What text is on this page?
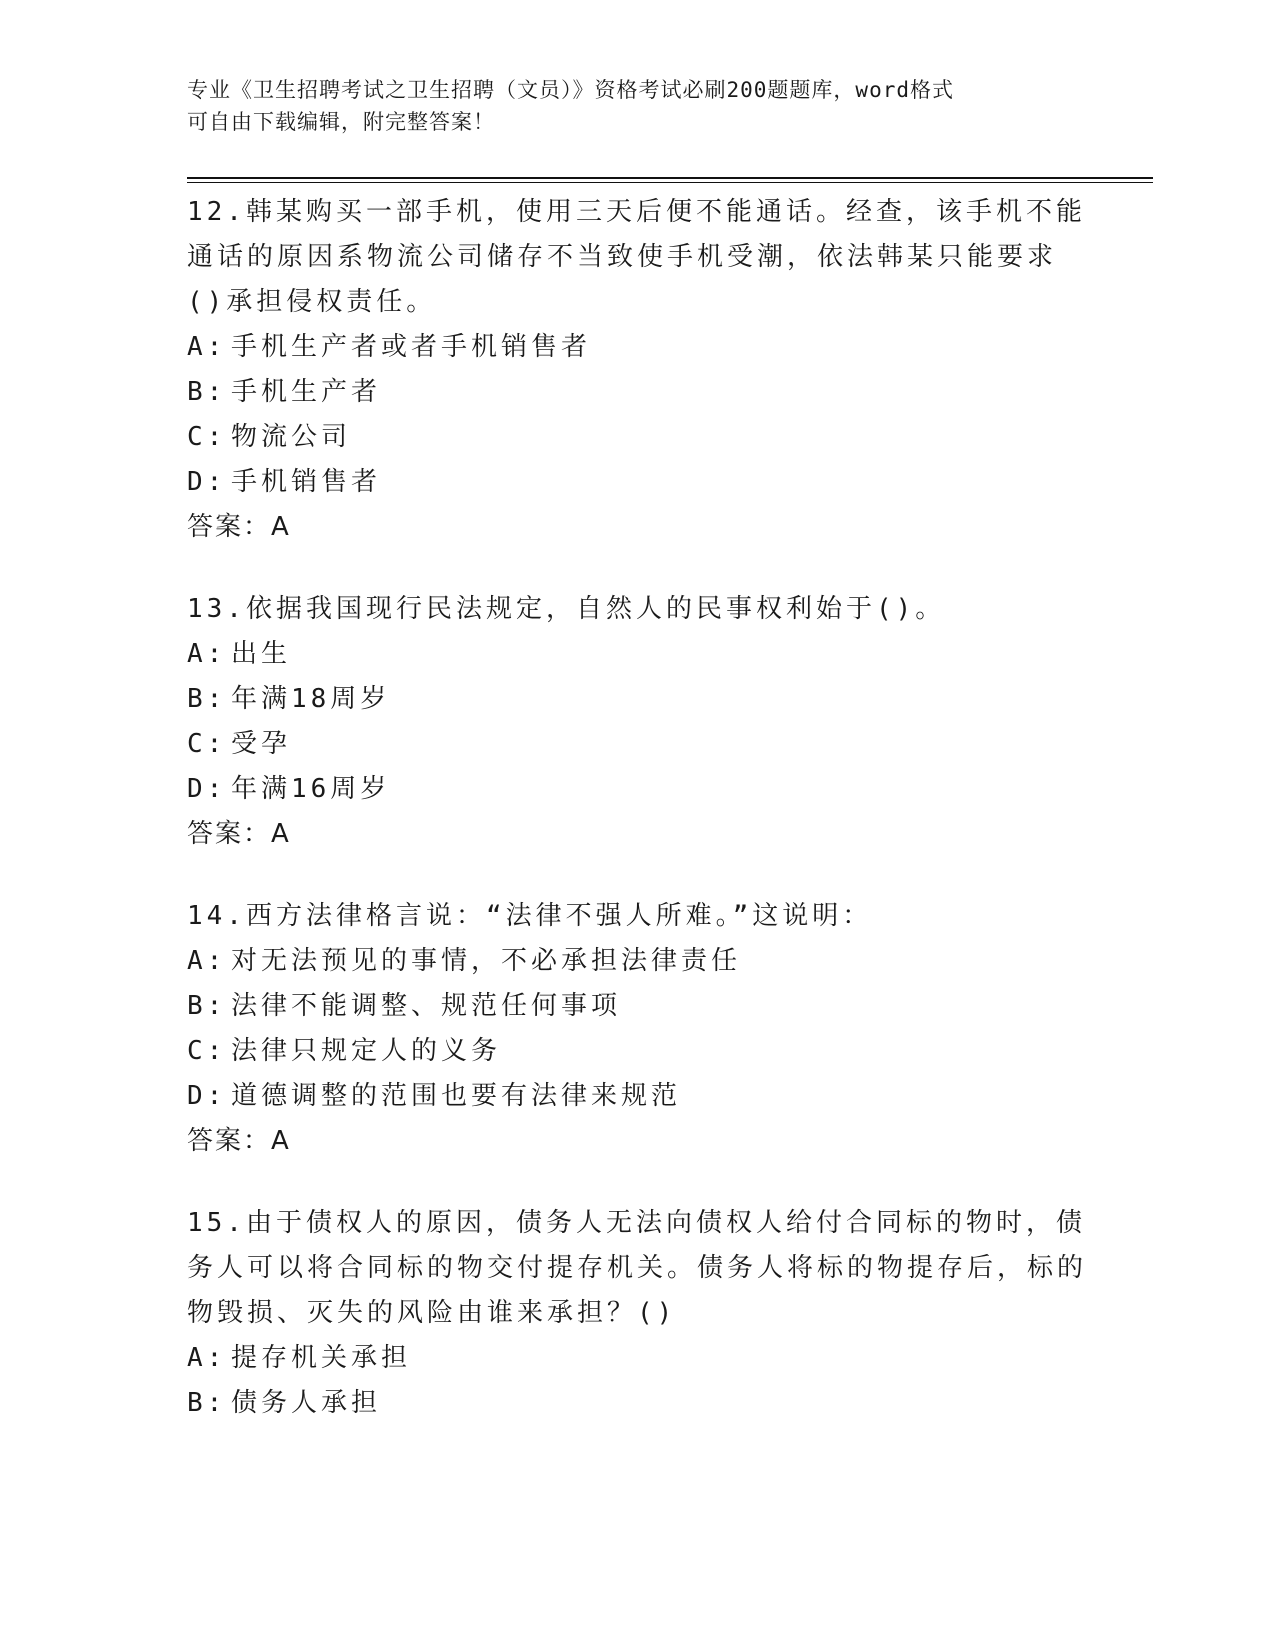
专业《卫生招聘考试之卫生招聘（文员）》资格考试必刷200题题库，word格式
可自由下载编辑，附完整答案！

12.韩某购买一部手机，使用三天后便不能通话。经查，该手机不能通话的原因系物流公司储存不当致使手机受潮，依法韩某只能要求()承担侵权责任。

A: 手机生产者或者手机销售者

B: 手机生产者

C: 物流公司

D: 手机销售者

答案：A

13.依据我国现行民法规定，自然人的民事权利始于()。

A: 出生

B: 年满18周岁

C: 受孕

D: 年满16周岁

答案：A

14.西方法律格言说：“法律不强人所难。”这说明：

A: 对无法预见的事情，不必承担法律责任

B: 法律不能调整、规范任何事项

C: 法律只规定人的义务

D: 道德调整的范围也要有法律来规范

答案：A

15.由于债权人的原因，债务人无法向债权人给付合同标的物时，债务人可以将合同标的物交付提存机关。债务人将标的物提存后，标的物毁损、灭失的风险由谁来承担？()

A: 提存机关承担

B: 债务人承担
